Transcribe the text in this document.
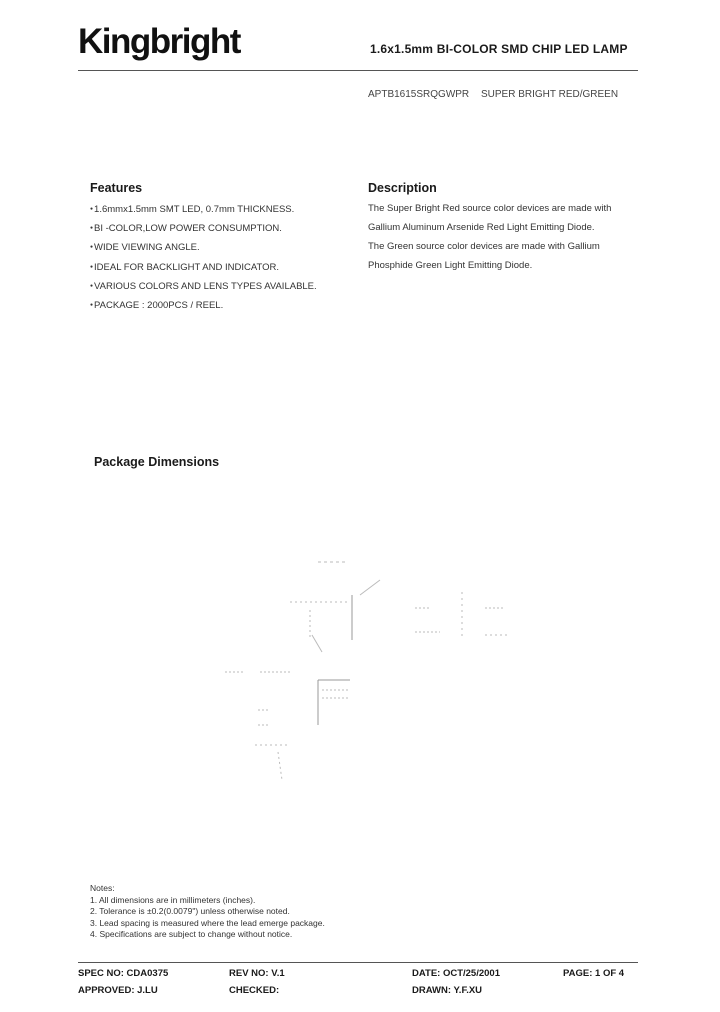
Kingbright	1.6x1.5mm BI-COLOR SMD CHIP LED LAMP
APTB1615SRQGWPR SUPER BRIGHT RED/GREEN
Features
● 1.6mmx1.5mm SMT LED, 0.7mm THICKNESS.
● BI -COLOR,LOW POWER CONSUMPTION.
● WIDE VIEWING ANGLE.
● IDEAL FOR BACKLIGHT AND INDICATOR.
● VARIOUS COLORS AND LENS TYPES AVAILABLE.
● PACKAGE : 2000PCS / REEL.
Description
The Super Bright Red source color devices are made with
Gallium Aluminum Arsenide Red Light Emitting Diode.
The Green source color devices are made with Gallium
Phosphide Green Light Emitting Diode.
Package Dimensions
Notes:
1. All dimensions are in millimeters (inches).
2. Tolerance is ±0.2(0.0079") unless otherwise noted.
3. Lead spacing is measured where the lead emerge package.
4. Specifications are subject to change without notice.
SPEC NO: CDA0375	REV NO: V.1	DATE: OCT/25/2001	PAGE: 1 OF 4
APPROVED: J.LU	CHECKED:	DRAWN: Y.F.XU
